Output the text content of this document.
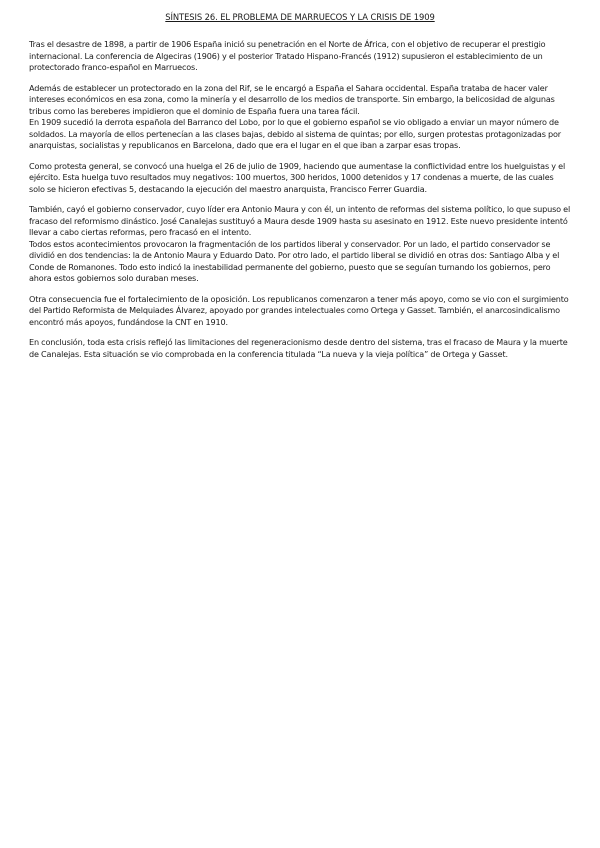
SÍNTESIS 26. EL PROBLEMA DE MARRUECOS Y LA CRISIS DE 1909

Tras el desastre de 1898, a partir de 1906 España inició su penetración en el Norte de África, con el objetivo de recuperar el prestigio internacional. La conferencia de Algeciras (1906) y el posterior Tratado Hispano-Francés (1912) supusieron el establecimiento de un protectorado franco-español en Marruecos.

Además de establecer un protectorado en la zona del Rif, se le encargó a España el Sahara occidental. España trataba de hacer valer intereses económicos en esa zona, como la minería y el desarrollo de los medios de transporte. Sin embargo, la belicosidad de algunas tribus como las bereberes impidieron que el dominio de España fuera una tarea fácil.
En 1909 sucedió la derrota española del Barranco del Lobo, por lo que el gobierno español se vio obligado a enviar un mayor número de soldados. La mayoría de ellos pertenecían a las clases bajas, debido al sistema de quintas; por ello, surgen protestas protagonizadas por anarquistas, socialistas y republicanos en Barcelona, dado que era el lugar en el que iban a zarpar esas tropas.

Como protesta general, se convocó una huelga el 26 de julio de 1909, haciendo que aumentase la conflictividad entre los huelguistas y el ejército. Esta huelga tuvo resultados muy negativos: 100 muertos, 300 heridos, 1000 detenidos y 17 condenas a muerte, de las cuales solo se hicieron efectivas 5, destacando la ejecución del maestro anarquista, Francisco Ferrer Guardia.

También, cayó el gobierno conservador, cuyo líder era Antonio Maura y con él, un intento de reformas del sistema político, lo que supuso el fracaso del reformismo dinástico. José Canalejas sustituyó a Maura desde 1909 hasta su asesinato en 1912. Este nuevo presidente intentó llevar a cabo ciertas reformas, pero fracasó en el intento.
Todos estos acontecimientos provocaron la fragmentación de los partidos liberal y conservador. Por un lado, el partido conservador se dividió en dos tendencias: la de Antonio Maura y Eduardo Dato. Por otro lado, el partido liberal se dividió en otras dos: Santiago Alba y el Conde de Romanones. Todo esto indicó la inestabilidad permanente del gobierno, puesto que se seguían turnando los gobiernos, pero ahora estos gobiernos solo duraban meses.

Otra consecuencia fue el fortalecimiento de la oposición. Los republicanos comenzaron a tener más apoyo, como se vio con el surgimiento del Partido Reformista de Melquiades Álvarez, apoyado por grandes intelectuales como Ortega y Gasset. También, el anarcosindicalismo encontró más apoyos, fundándose la CNT en 1910.

En conclusión, toda esta crisis reflejó las limitaciones del regeneracionismo desde dentro del sistema, tras el fracaso de Maura y la muerte de Canalejas. Esta situación se vio comprobada en la conferencia titulada “La nueva y la vieja política” de Ortega y Gasset.
